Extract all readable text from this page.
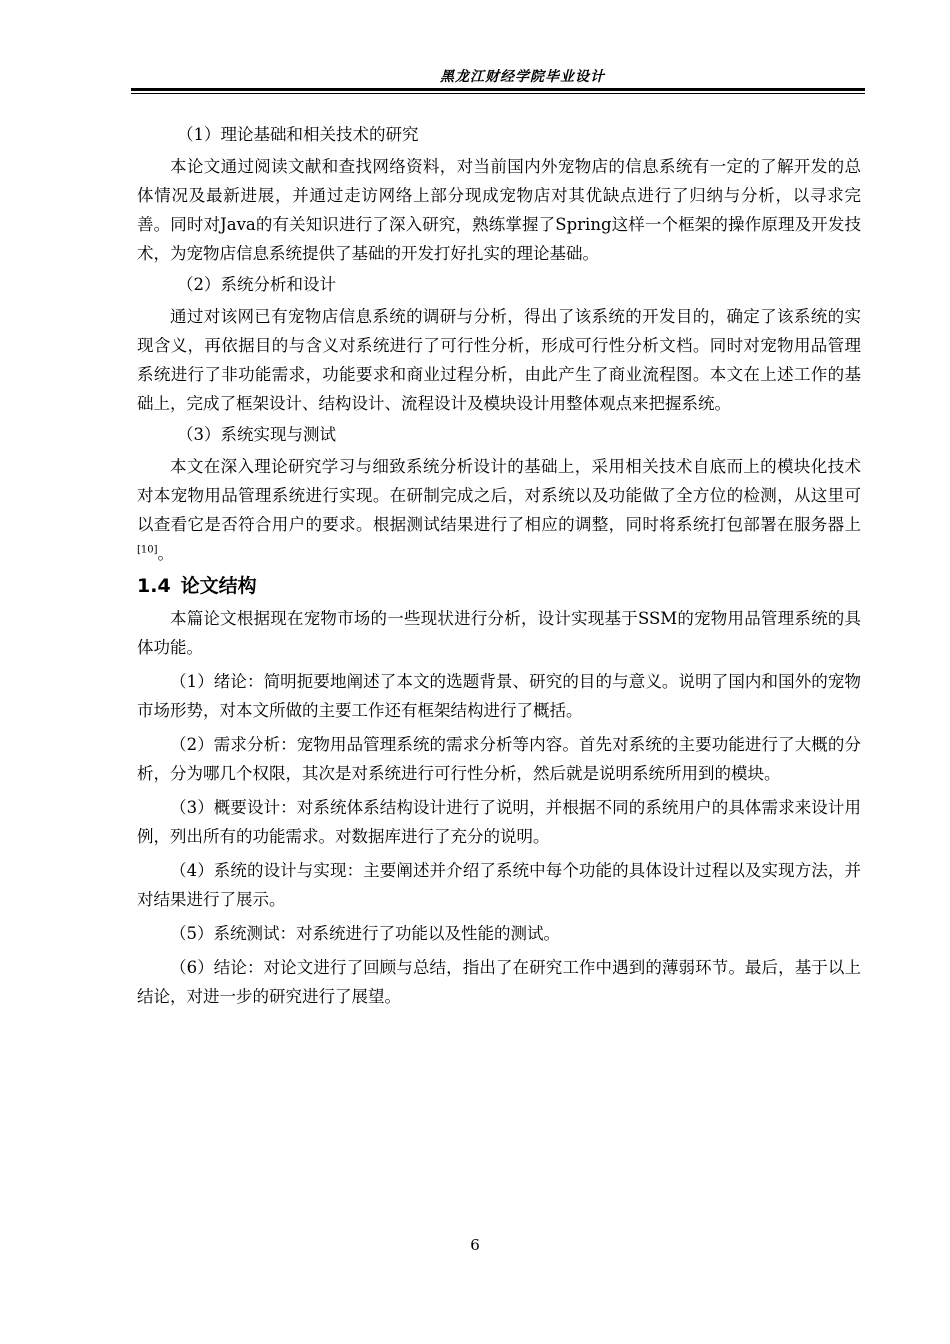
黑龙江财经学院毕业设计

（1）理论基础和相关技术的研究

本论文通过阅读文献和查找网络资料，对当前国内外宠物店的信息系统有一定的了解开发的总体情况及最新进展，并通过走访网络上部分现成宠物店对其优缺点进行了归纳与分析，以寻求完善。同时对Java的有关知识进行了深入研究，熟练掌握了Spring这样一个框架的操作原理及开发技术，为宠物店信息系统提供了基础的开发打好扎实的理论基础。

（2）系统分析和设计

通过对该网已有宠物店信息系统的调研与分析，得出了该系统的开发目的，确定了该系统的实现含义，再依据目的与含义对系统进行了可行性分析，形成可行性分析文档。同时对宠物用品管理系统进行了非功能需求，功能要求和商业过程分析，由此产生了商业流程图。本文在上述工作的基础上，完成了框架设计、结构设计、流程设计及模块设计用整体观点来把握系统。

（3）系统实现与测试

本文在深入理论研究学习与细致系统分析设计的基础上，采用相关技术自底而上的模块化技术对本宠物用品管理系统进行实现。在研制完成之后，对系统以及功能做了全方位的检测，从这里可以查看它是否符合用户的要求。根据测试结果进行了相应的调整，同时将系统打包部署在服务器上[10]。

1.4 论文结构

本篇论文根据现在宠物市场的一些现状进行分析，设计实现基于SSM的宠物用品管理系统的具体功能。

（1）绪论：简明扼要地阐述了本文的选题背景、研究的目的与意义。说明了国内和国外的宠物市场形势，对本文所做的主要工作还有框架结构进行了概括。

（2）需求分析：宠物用品管理系统的需求分析等内容。首先对系统的主要功能进行了大概的分析，分为哪几个权限，其次是对系统进行可行性分析，然后就是说明系统所用到的模块。

（3）概要设计：对系统体系结构设计进行了说明，并根据不同的系统用户的具体需求来设计用例，列出所有的功能需求。对数据库进行了充分的说明。

（4）系统的设计与实现：主要阐述并介绍了系统中每个功能的具体设计过程以及实现方法，并对结果进行了展示。

（5）系统测试：对系统进行了功能以及性能的测试。

（6）结论：对论文进行了回顾与总结，指出了在研究工作中遇到的薄弱环节。最后，基于以上结论，对进一步的研究进行了展望。

6
